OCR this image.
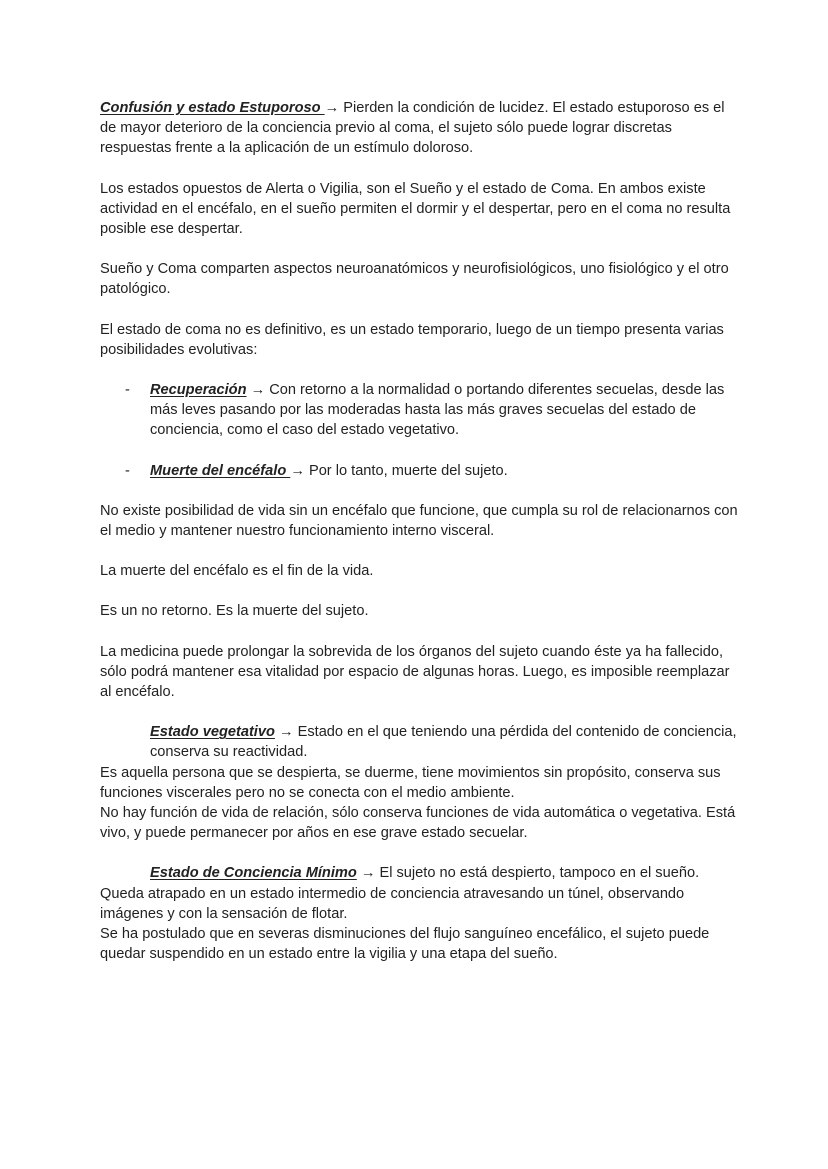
Confusión y estado Estuporoso → Pierden la condición de lucidez. El estado estuporoso es el de mayor deterioro de la conciencia previo al coma, el sujeto sólo puede lograr discretas respuestas frente a la aplicación de un estímulo doloroso.

Los estados opuestos de Alerta o Vigilia, son el Sueño y el estado de Coma. En ambos existe actividad en el encéfalo, en el sueño permiten el dormir y el despertar, pero en el coma no resulta posible ese despertar.

Sueño y Coma comparten aspectos neuroanatómicos y neurofisiológicos, uno fisiológico y el otro patológico.

El estado de coma no es definitivo, es un estado temporario, luego de un tiempo presenta varias posibilidades evolutivas:

- Recuperación → Con retorno a la normalidad o portando diferentes secuelas, desde las más leves pasando por las moderadas hasta las más graves secuelas del estado de conciencia, como el caso del estado vegetativo.
- Muerte del encéfalo → Por lo tanto, muerte del sujeto.

No existe posibilidad de vida sin un encéfalo que funcione, que cumpla su rol de relacionarnos con el medio y mantener nuestro funcionamiento interno visceral.

La muerte del encéfalo es el fin de la vida.

Es un no retorno. Es la muerte del sujeto.

La medicina puede prolongar la sobrevida de los órganos del sujeto cuando éste ya ha fallecido, sólo podrá mantener esa vitalidad por espacio de algunas horas. Luego, es imposible reemplazar al encéfalo.

Estado vegetativo → Estado en el que teniendo una pérdida del contenido de conciencia, conserva su reactividad.

Es aquella persona que se despierta, se duerme, tiene movimientos sin propósito, conserva sus funciones viscerales pero no se conecta con el medio ambiente.

No hay función de vida de relación, sólo conserva funciones de vida automática o vegetativa. Está vivo, y puede permanecer por años en ese grave estado secuelar.

Estado de Conciencia Mínimo → El sujeto no está despierto, tampoco en el sueño.

Queda atrapado en un estado intermedio de conciencia atravesando un túnel, observando imágenes y con la sensación de flotar.

Se ha postulado que en severas disminuciones del flujo sanguíneo encefálico, el sujeto puede quedar suspendido en un estado entre la vigilia y una etapa del sueño.
